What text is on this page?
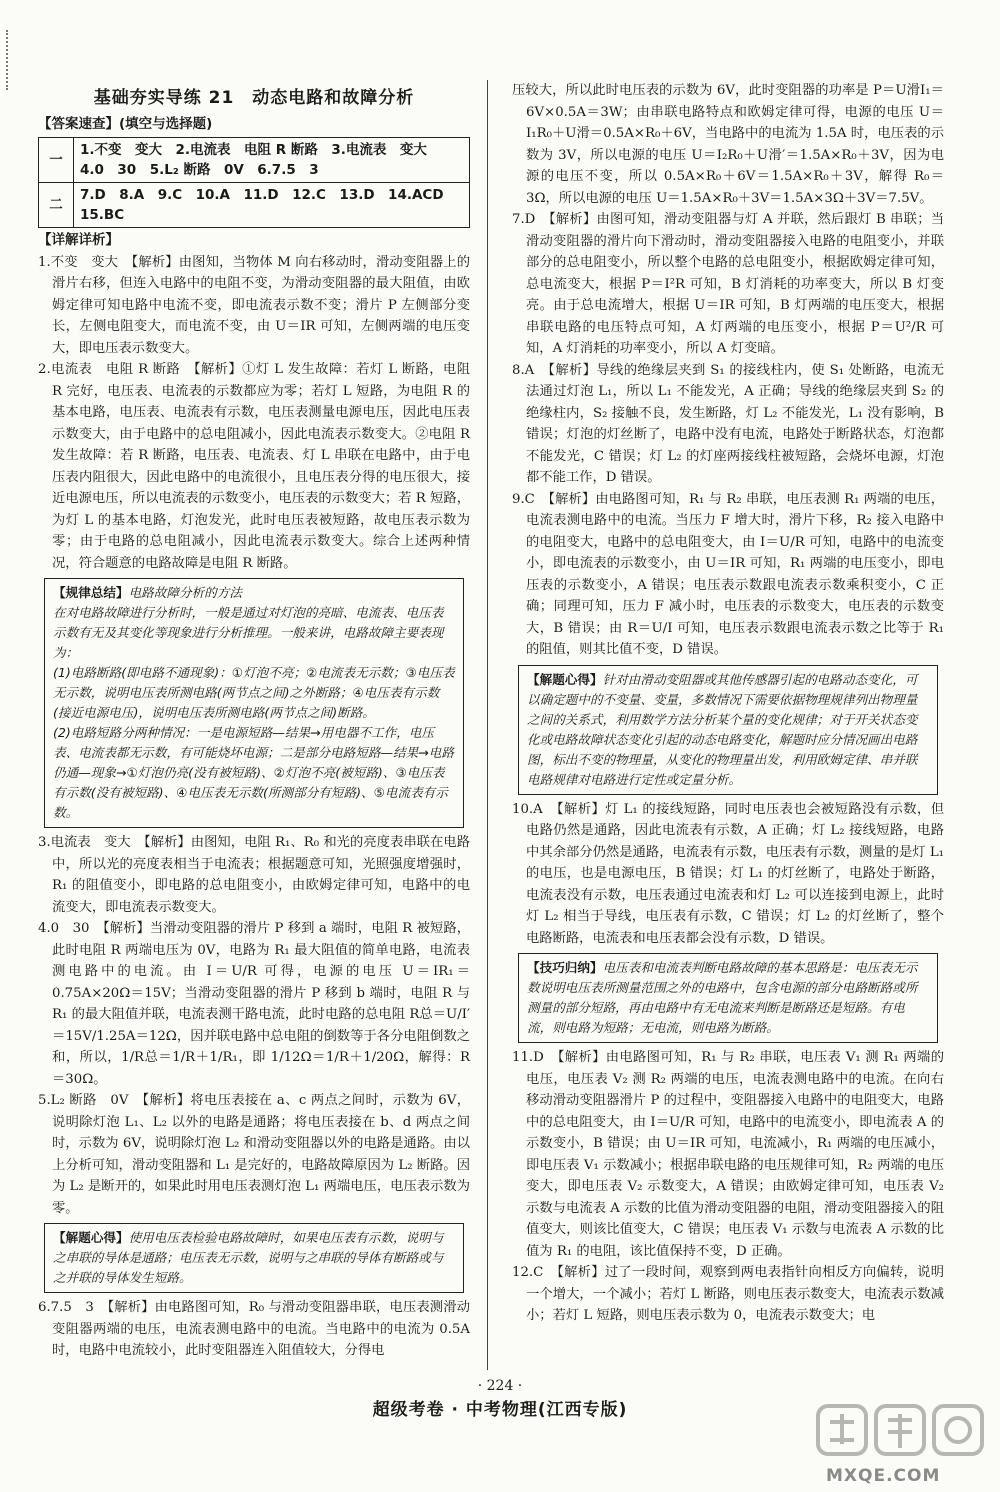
基础夯实导练 21　动态电路和故障分析

【答案速查】(填空与选择题)

一	1.不变　变大　2.电流表　电阻 R 断路　3.电流表　变大　4.0　30　5.L₂ 断路　0V　6.7.5　3
二	7.D　8.A　9.C　10.A　11.D　12.C　13.D　14.ACD　15.BC

【详解详析】

1.不变　变大　【解析】由图知，当物体 M 向右移动时，滑动变阻器上的滑片右移，但连入电路中的电阻不变，为滑动变阻器的最大阻值，由欧姆定律可知电路中电流不变，即电流表示数不变；滑片 P 左侧部分变长，左侧电阻变大，而电流不变，由 U＝IR 可知，左侧两端的电压变大，即电压表示数变大。

2.电流表　电阻 R 断路　【解析】①灯 L 发生故障：若灯 L 断路，电阻 R 完好，电压表、电流表的示数都应为零；若灯 L 短路，为电阻 R 的基本电路，电压表、电流表有示数，电压表测量电源电压，因此电压表示数变大，由于电路中的总电阻减小，因此电流表示数变大。②电阻 R 发生故障：若 R 断路，电压表、电流表、灯 L 串联在电路中，由于电压表内阻很大，因此电路中的电流很小，且电压表分得的电压很大，接近电源电压，所以电流表的示数变小，电压表的示数变大；若 R 短路，为灯 L 的基本电路，灯泡发光，此时电压表被短路，故电压表示数为零；由于电路的总电阻减小，因此电流表示数变大。综合上述两种情况，符合题意的电路故障是电阻 R 断路。

【规律总结】电路故障分析的方法

在对电路故障进行分析时，一般是通过对灯泡的亮暗、电流表、电压表示数有无及其变化等现象进行分析推理。一般来讲，电路故障主要表现为：

(1)电路断路(即电路不通现象)：①灯泡不亮；②电流表无示数；③电压表无示数，说明电压表所测电路(两节点之间)之外断路；④电压表有示数(接近电源电压)，说明电压表所测电路(两节点之间)断路。

(2)电路短路分两种情况：一是电源短路—结果→用电器不工作，电压表、电流表都无示数，有可能烧坏电源；二是部分电路短路—结果→电路仍通—现象→①灯泡仍亮(没有被短路)、②灯泡不亮(被短路)、③电压表有示数(没有被短路)、④电压表无示数(所测部分有短路)、⑤电流表有示数。

3.电流表　变大　【解析】由图知，电阻 R₁、R₀ 和光的亮度表串联在电路中，所以光的亮度表相当于电流表；根据题意可知，光照强度增强时，R₁ 的阻值变小，即电路的总电阻变小，由欧姆定律可知，电路中的电流变大，即电流表示数变大。

4.0　30　【解析】当滑动变阻器的滑片 P 移到 a 端时，电阻 R 被短路，此时电阻 R 两端电压为 0V，电路为 R₁ 最大阻值的简单电路，电流表测电路中的电流。由 I＝U/R 可得，电源的电压 U＝IR₁＝0.75A×20Ω＝15V；当滑动变阻器的滑片 P 移到 b 端时，电阻 R 与 R₁ 的最大阻值并联，电流表测干路电流，此时电路的总电阻 R总＝U/I′＝15V/1.25A＝12Ω，因并联电路中总电阻的倒数等于各分电阻倒数之和，所以，1/R总＝1/R＋1/R₁，即 1/12Ω＝1/R＋1/20Ω，解得：R＝30Ω。

5.L₂ 断路　0V　【解析】将电压表接在 a、c 两点之间时，示数为 6V，说明除灯泡 L₁、L₂ 以外的电路是通路；将电压表接在 b、d 两点之间时，示数为 6V，说明除灯泡 L₂ 和滑动变阻器以外的电路是通路。由以上分析可知，滑动变阻器和 L₁ 是完好的，电路故障原因为 L₂ 断路。因为 L₂ 是断开的，如果此时用电压表测灯泡 L₁ 两端电压，电压表示数为零。

【解题心得】使用电压表检验电路故障时，如果电压表有示数，说明与之串联的导体是通路；电压表无示数，说明与之串联的导体有断路或与之并联的导体发生短路。

6.7.5　3　【解析】由电路图可知，R₀ 与滑动变阻器串联，电压表测滑动变阻器两端的电压，电流表测电路中的电流。当电路中的电流为 0.5A 时，电路中电流较小，此时变阻器连入阻值较大，分得电

压较大，所以此时电压表的示数为 6V，此时变阻器的功率是 P＝U滑I₁＝6V×0.5A＝3W；由串联电路特点和欧姆定律可得，电源的电压 U＝I₁R₀＋U滑＝0.5A×R₀＋6V，当电路中的电流为 1.5A 时，电压表的示数为 3V，所以电源的电压 U＝I₂R₀＋U滑′＝1.5A×R₀＋3V，因为电源的电压不变，所以 0.5A×R₀＋6V＝1.5A×R₀＋3V，解得 R₀＝3Ω，所以电源的电压 U＝1.5A×R₀＋3V＝1.5A×3Ω＋3V＝7.5V。

7.D　【解析】由图可知，滑动变阻器与灯 A 并联，然后跟灯 B 串联；当滑动变阻器的滑片向下滑动时，滑动变阻器接入电路的电阻变小，并联部分的总电阻变小，所以整个电路的总电阻变小，根据欧姆定律可知，总电流变大，根据 P＝I²R 可知，B 灯消耗的功率变大，所以 B 灯变亮。由于总电流增大，根据 U＝IR 可知，B 灯两端的电压变大，根据串联电路的电压特点可知，A 灯两端的电压变小，根据 P＝U²/R 可知，A 灯消耗的功率变小，所以 A 灯变暗。

8.A　【解析】导线的绝缘层夹到 S₁ 的接线柱内，使 S₁ 处断路，电流无法通过灯泡 L₁，所以 L₁ 不能发光，A 正确；导线的绝缘层夹到 S₂ 的绝缘柱内，S₂ 接触不良，发生断路，灯 L₂ 不能发光，L₁ 没有影响，B 错误；灯泡的灯丝断了，电路中没有电流，电路处于断路状态，灯泡都不能发光，C 错误；灯 L₂ 的灯座两接线柱被短路，会烧坏电源，灯泡都不能工作，D 错误。

9.C　【解析】由电路图可知，R₁ 与 R₂ 串联，电压表测 R₁ 两端的电压，电流表测电路中的电流。当压力 F 增大时，滑片下移，R₂ 接入电路中的电阻变大，电路中的总电阻变大，由 I＝U/R 可知，电路中的电流变小，即电流表的示数变小，由 U＝IR 可知，R₁ 两端的电压变小，即电压表的示数变小，A 错误；电压表示数跟电流表示数乘积变小，C 正确；同理可知，压力 F 减小时，电压表的示数变大，电压表的示数变大，B 错误；由 R＝U/I 可知，电压表示数跟电流表示数之比等于 R₁ 的阻值，则其比值不变，D 错误。

【解题心得】针对由滑动变阻器或其他传感器引起的电路动态变化，可以确定题中的不变量、变量，多数情况下需要依据物理规律列出物理量之间的关系式，利用数学方法分析某个量的变化规律；对于开关状态变化或电路故障状态变化引起的动态电路变化，解题时应分情况画出电路图，标出不变的物理量，从变化的物理量出发，利用欧姆定律、串并联电路规律对电路进行定性或定量分析。

10.A　【解析】灯 L₁ 的接线短路，同时电压表也会被短路没有示数，但电路仍然是通路，因此电流表有示数，A 正确；灯 L₂ 接线短路，电路中其余部分仍然是通路，电流表有示数，电压表有示数，测量的是灯 L₁ 的电压，也是电源电压，B 错误；灯 L₁ 的灯丝断了，电路处于断路，电流表没有示数，电压表通过电流表和灯 L₂ 可以连接到电源上，此时灯 L₂ 相当于导线，电压表有示数，C 错误；灯 L₂ 的灯丝断了，整个电路断路，电流表和电压表都会没有示数，D 错误。

【技巧归纳】电压表和电流表判断电路故障的基本思路是：电压表无示数说明电压表所测量范围之外的电路中，包含电源的部分电路断路或所测量的部分短路，再由电路中有无电流来判断是断路还是短路。有电流，则电路为短路；无电流，则电路为断路。

11.D　【解析】由电路图可知，R₁ 与 R₂ 串联，电压表 V₁ 测 R₁ 两端的电压，电压表 V₂ 测 R₂ 两端的电压，电流表测电路中的电流。在向右移动滑动变阻器滑片 P 的过程中，变阻器接入电路中的电阻变大，电路中的总电阻变大，由 I＝U/R 可知，电路中的电流变小，即电流表 A 的示数变小，B 错误；由 U＝IR 可知，电流减小，R₁ 两端的电压减小，即电压表 V₁ 示数减小；根据串联电路的电压规律可知，R₂ 两端的电压变大，即电压表 V₂ 示数变大，A 错误；由欧姆定律可知，电压表 V₂ 示数与电流表 A 示数的比值为滑动变阻器的电阻，滑动变阻器接入的阻值变大，则该比值变大，C 错误；电压表 V₁ 示数与电流表 A 示数的比值为 R₁ 的电阻，该比值保持不变，D 正确。

12.C　【解析】过了一段时间，观察到两电表指针向相反方向偏转，说明一个增大，一个减小；若灯 L 断路，则电压表示数变大，电流表示数减小；若灯 L 短路，则电压表示数为 0，电流表示数变大；电

· 224 ·
超级考卷 · 中考物理(江西专版)
MXQE.COM
